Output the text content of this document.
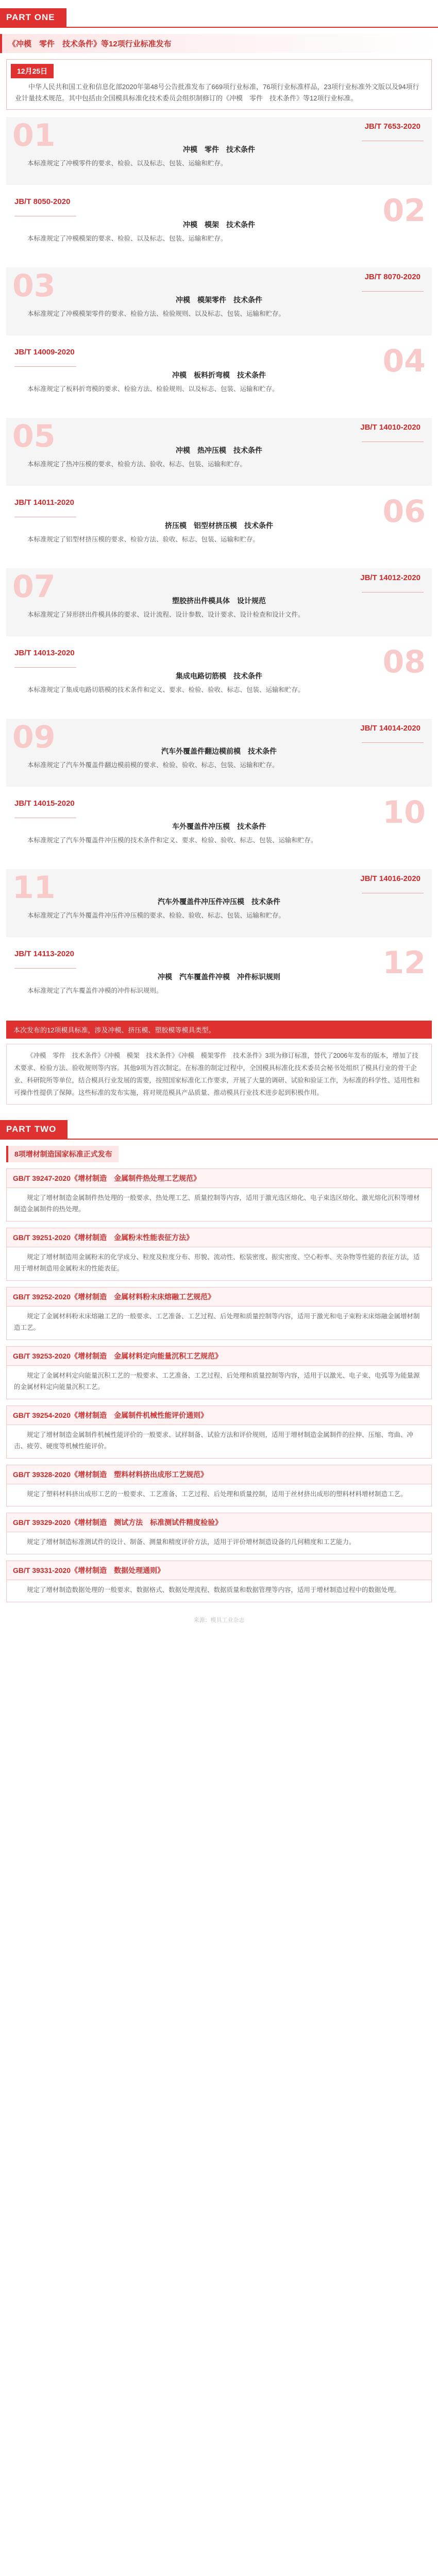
PART ONE
《冲模　零件　技术条件》等12项行业标准发布
12月25日
中华人民共和国工业和信息化部2020年第48号公告批准发布了669项行业标准，76项行业标准样品，23项行业标准外文版以及94项行业计量技术规范。其中包括由全国模具标准化技术委员会组织制修订的《冲模　零件　技术条件》等12项行业标准。
01	JB/T 7653-2020
冲模　零件　技术条件
本标准规定了冲模零件的要求、检验、以及标志、包装、运输和贮存。
02
JB/T 8050-2020
冲模　模架　技术条件
本标准规定了冲模模架的要求、检验、以及标志、包装、运输和贮存。
03	JB/T 8070-2020
冲模　模架零件　技术条件
本标准规定了冲模模架零件的要求、检验方法、检验规则、以及标志、包装、运输和贮存。
04
JB/T 14009-2020
冲模　板料折弯模　技术条件
本标准规定了板料折弯模的要求、检验方法、检验规则、以及标志、包装、运输和贮存。
05	JB/T 14010-2020
冲模　热冲压模　技术条件
本标准规定了热冲压模的要求、检验方法、验收、标志、包装、运输和贮存。
06
JB/T 14011-2020
挤压模　铝型材挤压模　技术条件
本标准规定了铝型材挤压模的要求、检验方法、验收、标志、包装、运输和贮存。
07	JB/T 14012-2020
塑胶挤出件模具体　设计规范
本标准规定了异形挤出件模具体的要求、设计流程、设计参数、设计要求、设计检查和设计文件。
08
JB/T 14013-2020
集成电路切筋模　技术条件
本标准规定了集成电路切筋模的技术条件和定义、要求、检验、验收、标志、包装、运输和贮存。
09	JB/T 14014-2020
汽车外覆盖件翻边模前模　技术条件
本标准规定了汽车外覆盖件翻边模前模的要求、检验、验收、标志、包装、运输和贮存。
10
JB/T 14015-2020
车外覆盖件冲压模　技术条件
本标准规定了汽车外覆盖件冲压模的技术条件和定义、要求、检验、验收、标志、包装、运输和贮存。
11	JB/T 14016-2020
汽车外覆盖件冲压件冲压模　技术条件
本标准规定了汽车外覆盖件冲压件冲压模的要求、检验、验收、标志、包装、运输和贮存。
12
JB/T 14113-2020
冲模　汽车覆盖件冲模　冲件标识规则
本标准规定了汽车覆盖件冲模的冲件标识规则。
本次发布的12项模具标准，涉及冲模、挤压模、塑胶模等模具类型。
《冲模　零件　技术条件》《冲模　模架　技术条件》《冲模　模架零件　技术条件》3项为修订标准，替代了2006年发布的版本，增加了技术要求、检验方法、验收规则等内容。其他9项为首次制定。在标准的制定过程中，全国模具标准化技术委员会秘书处组织了模具行业的骨干企业、科研院所等单位，结合模具行业发展的需要，按照国家标准化工作要求，开展了大量的调研、试验和验证工作，为标准的科学性、适用性和可操作性提供了保障。这些标准的发布实施，将对规范模具产品质量、推动模具行业技术进步起到积极作用。
PART TWO
8项增材制造国家标准正式发布
GB/T 39247-2020《增材制造　金属制件热处理工艺规范》
规定了增材制造金属制件热处理的一般要求、热处理工艺、质量控制等内容，适用于激光选区熔化、电子束选区熔化、激光熔化沉积等增材制造金属制件的热处理。
GB/T 39251-2020《增材制造　金属粉末性能表征方法》
规定了增材制造用金属粉末的化学成分、粒度及粒度分布、形貌、流动性、松装密度、振实密度、空心粉率、夹杂物等性能的表征方法，适用于增材制造用金属粉末的性能表征。
GB/T 39252-2020《增材制造　金属材料粉末床熔融工艺规范》
规定了金属材料粉末床熔融工艺的一般要求、工艺准备、工艺过程、后处理和质量控制等内容，适用于激光和电子束粉末床熔融金属增材制造工艺。
GB/T 39253-2020《增材制造　金属材料定向能量沉积工艺规范》
规定了金属材料定向能量沉积工艺的一般要求、工艺准备、工艺过程、后处理和质量控制等内容，适用于以激光、电子束、电弧等为能量源的金属材料定向能量沉积工艺。
GB/T 39254-2020《增材制造　金属制件机械性能评价通则》
规定了增材制造金属制件机械性能评价的一般要求、试样制备、试验方法和评价规则，适用于增材制造金属制件的拉伸、压缩、弯曲、冲击、疲劳、硬度等机械性能评价。
GB/T 39328-2020《增材制造　塑料材料挤出成形工艺规范》
规定了塑料材料挤出成形工艺的一般要求、工艺准备、工艺过程、后处理和质量控制，适用于丝材挤出成形的塑料材料增材制造工艺。
GB/T 39329-2020《增材制造　测试方法　标准测试件精度检验》
规定了增材制造标准测试件的设计、制备、测量和精度评价方法，适用于评价增材制造设备的几何精度和工艺能力。
GB/T 39331-2020《增材制造　数据处理通则》
规定了增材制造数据处理的一般要求、数据格式、数据处理流程、数据质量和数据管理等内容，适用于增材制造过程中的数据处理。
来源：模具工业杂志
